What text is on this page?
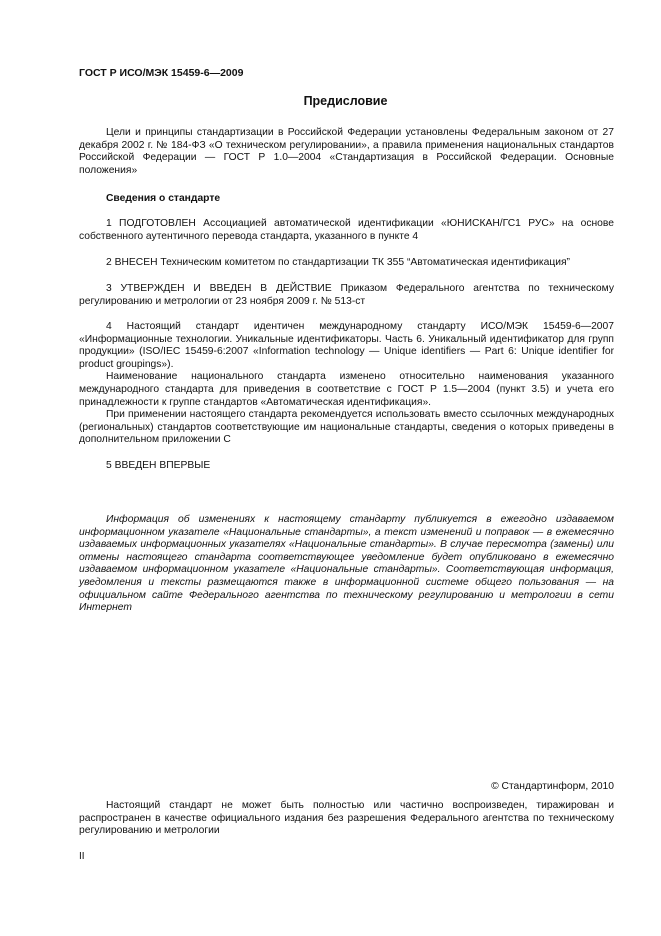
ГОСТ Р ИСО/МЭК 15459-6—2009
Предисловие

Цели и принципы стандартизации в Российской Федерации установлены Федеральным законом от 27 декабря 2002 г. № 184-ФЗ «О техническом регулировании», а правила применения национальных стандартов Российской Федерации — ГОСТ Р 1.0—2004 «Стандартизация в Российской Федерации. Основные положения»

Сведения о стандарте

1 ПОДГОТОВЛЕН Ассоциацией автоматической идентификации «ЮНИСКАН/ГС1 РУС» на основе собственного аутентичного перевода стандарта, указанного в пункте 4

2 ВНЕСЕН Техническим комитетом по стандартизации ТК 355 “Автоматическая идентификация”

3 УТВЕРЖДЕН И ВВЕДЕН В ДЕЙСТВИЕ Приказом Федерального агентства по техническому регулированию и метрологии от 23 ноября 2009 г. № 513-ст

4 Настоящий стандарт идентичен международному стандарту ИСО/МЭК 15459-6—2007 «Информационные технологии. Уникальные идентификаторы. Часть 6. Уникальный идентификатор для групп продукции» (ISO/IEC 15459-6:2007 «Information technology — Unique identifiers — Part 6: Unique identifier for product groupings»).

Наименование национального стандарта изменено относительно наименования указанного международного стандарта для приведения в соответствие с ГОСТ Р 1.5—2004 (пункт 3.5) и учета его принадлежности к группе стандартов «Автоматическая идентификация».

При применении настоящего стандарта рекомендуется использовать вместо ссылочных международных (региональных) стандартов соответствующие им национальные стандарты, сведения о которых приведены в дополнительном приложении С

5 ВВЕДЕН ВПЕРВЫЕ

Информация об изменениях к настоящему стандарту публикуется в ежегодно издаваемом информационном указателе «Национальные стандарты», а текст изменений и поправок — в ежемесячно издаваемых информационных указателях «Национальные стандарты». В случае пересмотра (замены) или отмены настоящего стандарта соответствующее уведомление будет опубликовано в ежемесячно издаваемом информационном указателе «Национальные стандарты». Соответствующая информация, уведомления и тексты размещаются также в информационной системе общего пользования — на официальном сайте Федерального агентства по техническому регулированию и метрологии в сети Интернет

© Стандартинформ, 2010

Настоящий стандарт не может быть полностью или частично воспроизведен, тиражирован и распространен в качестве официального издания без разрешения Федерального агентства по техническому регулированию и метрологии

II
